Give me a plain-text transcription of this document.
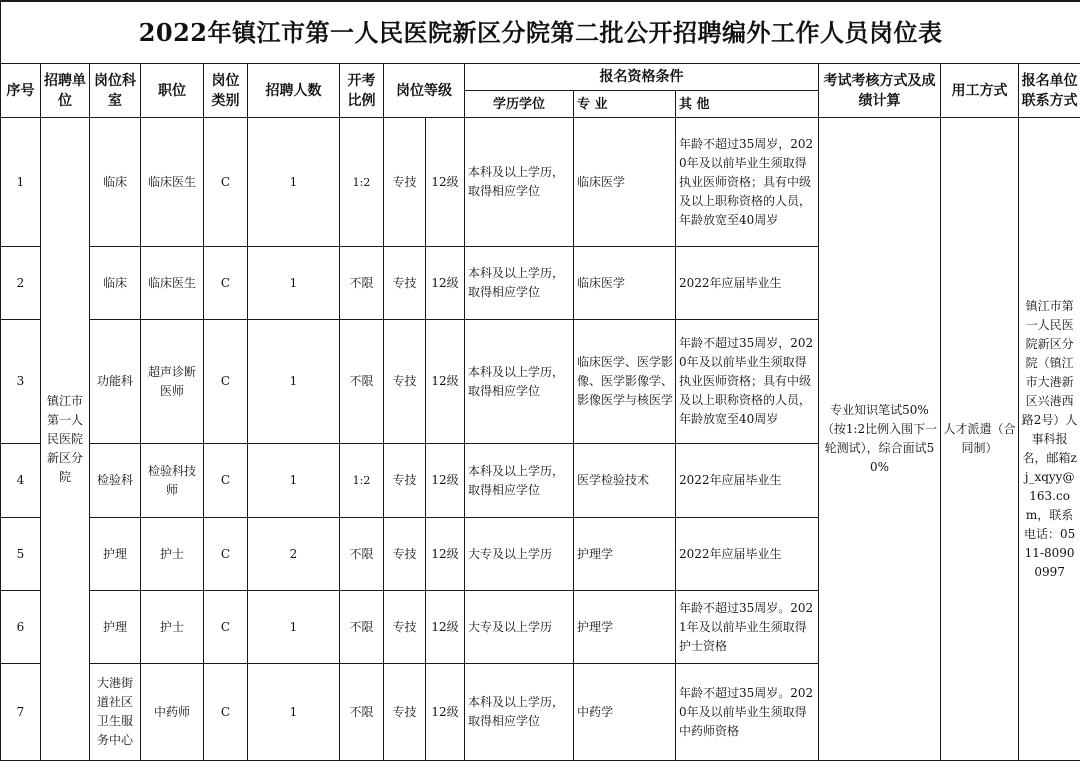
2022年镇江市第一人民医院新区分院第二批公开招聘编外工作人员岗位表														
序号	招聘单位	岗位科室	职位	岗位类别	招聘人数	开考比例	岗位等级		报名资格条件			考试考核方式及成绩计算	用工方式	报名单位联系方式
									学历学位	专 业	其 他			
1	镇江市第一人民医院新区分院	临床	临床医生	C	1	1:2	专技	12级	本科及以上学历，取得相应学位	临床医学	年龄不超过35周岁，2020年及以前毕业生须取得执业医师资格；具有中级及以上职称资格的人员，年龄放宽至40周岁	专业知识笔试50%（按1:2比例入围下一轮测试），综合面试50%	人才派遣（合同制）	镇江市第一人民医院新区分院（镇江市大港新区兴港西路2号）人事科报名，邮箱zj_xqyy@163.com，联系电话：0511-80900997
2		临床	临床医生	C	1	不限	专技	12级	本科及以上学历，取得相应学位	临床医学	2022年应届毕业生			
3		功能科	超声诊断医师	C	1	不限	专技	12级	本科及以上学历，取得相应学位	临床医学、医学影像、医学影像学、影像医学与核医学	年龄不超过35周岁，2020年及以前毕业生须取得执业医师资格；具有中级及以上职称资格的人员，年龄放宽至40周岁			
4		检验科	检验科技师	C	1	1:2	专技	12级	本科及以上学历，取得相应学位	医学检验技术	2022年应届毕业生			
5		护理	护士	C	2	不限	专技	12级	大专及以上学历	护理学	2022年应届毕业生			
6		护理	护士	C	1	不限	专技	12级	大专及以上学历	护理学	年龄不超过35周岁。2021年及以前毕业生须取得护士资格			
7		大港街道社区卫生服务中心	中药师	C	1	不限	专技	12级	本科及以上学历，取得相应学位	中药学	年龄不超过35周岁。2020年及以前毕业生须取得中药师资格			
